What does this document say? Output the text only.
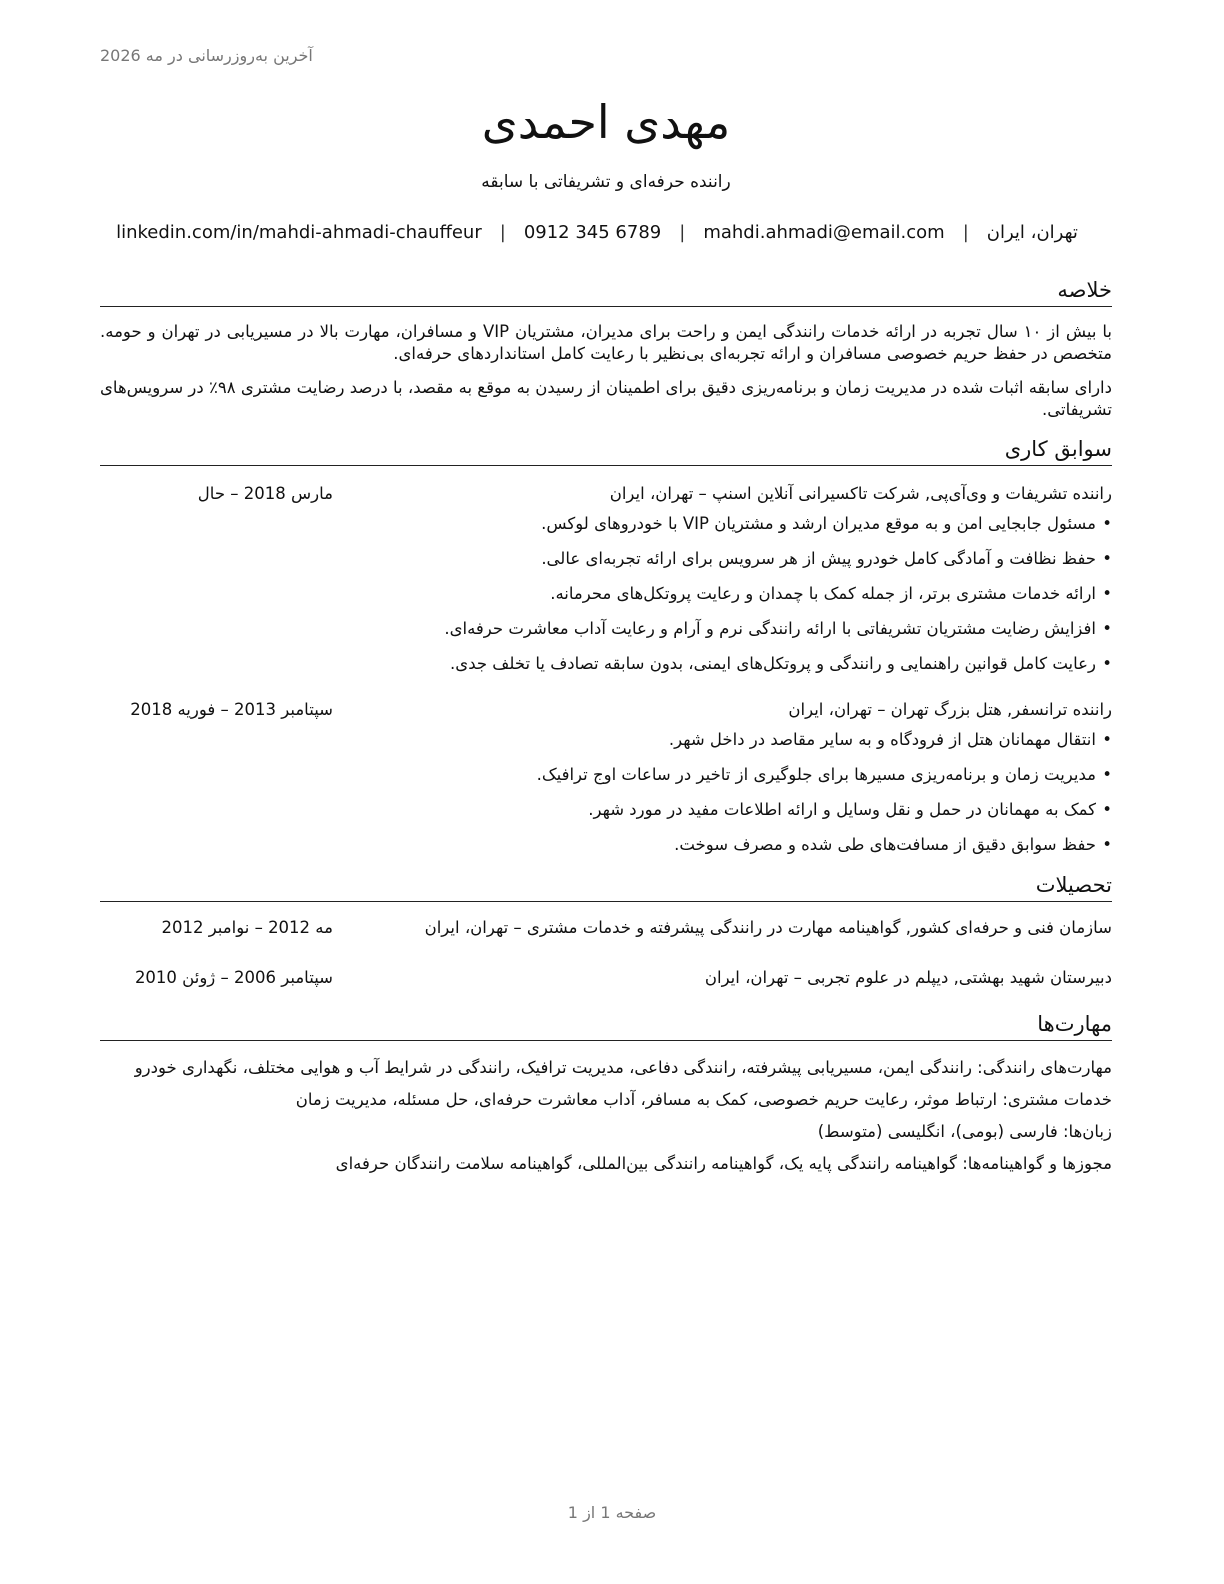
آخرین به‌روزرسانی در مه 2026
مهدی احمدی
راننده حرفه‌ای و تشریفاتی با سابقه
تهران، ایران
|
mahdi.ahmadi@email.com
|
0912 345 6789
|
linkedin.com/in/mahdi-ahmadi-chauffeur
خلاصه
با بیش از ۱۰ سال تجربه در ارائه خدمات رانندگی ایمن و راحت برای مدیران، مشتریان VIP و مسافران، مهارت بالا در مسیریابی در تهران و حومه. متخصص در حفظ حریم خصوصی مسافران و ارائه تجربه‌ای بی‌نظیر با رعایت کامل استانداردهای حرفه‌ای.
دارای سابقه اثبات شده در مدیریت زمان و برنامه‌ریزی دقیق برای اطمینان از رسیدن به موقع به مقصد، با درصد رضایت مشتری ۹۸٪ در سرویس‌های تشریفاتی.
سوابق کاری
راننده تشریفات و وی‌آی‌پی, شرکت تاکسیرانی آنلاین اسنپ – تهران، ایران
مارس 2018 – حال
• مسئول جابجایی امن و به موقع مدیران ارشد و مشتریان VIP با خودروهای لوکس.
• حفظ نظافت و آمادگی کامل خودرو پیش از هر سرویس برای ارائه تجربه‌ای عالی.
• ارائه خدمات مشتری برتر، از جمله کمک با چمدان و رعایت پروتکل‌های محرمانه.
• افزایش رضایت مشتریان تشریفاتی با ارائه رانندگی نرم و آرام و رعایت آداب معاشرت حرفه‌ای.
• رعایت کامل قوانین راهنمایی و رانندگی و پروتکل‌های ایمنی، بدون سابقه تصادف یا تخلف جدی.
راننده ترانسفر, هتل بزرگ تهران – تهران، ایران
سپتامبر 2013 – فوریه 2018
• انتقال مهمانان هتل از فرودگاه و به سایر مقاصد در داخل شهر.
• مدیریت زمان و برنامه‌ریزی مسیرها برای جلوگیری از تاخیر در ساعات اوج ترافیک.
• کمک به مهمانان در حمل و نقل وسایل و ارائه اطلاعات مفید در مورد شهر.
• حفظ سوابق دقیق از مسافت‌های طی شده و مصرف سوخت.
تحصیلات
سازمان فنی و حرفه‌ای کشور, گواهینامه مهارت در رانندگی پیشرفته و خدمات مشتری – تهران، ایران
مه 2012 – نوامبر 2012
دبیرستان شهید بهشتی, دیپلم در علوم تجربی – تهران، ایران
سپتامبر 2006 – ژوئن 2010
مهارت‌ها
مهارت‌های رانندگی: رانندگی ایمن، مسیریابی پیشرفته، رانندگی دفاعی، مدیریت ترافیک، رانندگی در شرایط آب و هوایی مختلف، نگهداری خودرو
خدمات مشتری: ارتباط موثر، رعایت حریم خصوصی، کمک به مسافر، آداب معاشرت حرفه‌ای، حل مسئله، مدیریت زمان
زبان‌ها: فارسی (بومی)، انگلیسی (متوسط)
مجوزها و گواهینامه‌ها: گواهینامه رانندگی پایه یک، گواهینامه رانندگی بین‌المللی، گواهینامه سلامت رانندگان حرفه‌ای
صفحه 1 از 1
